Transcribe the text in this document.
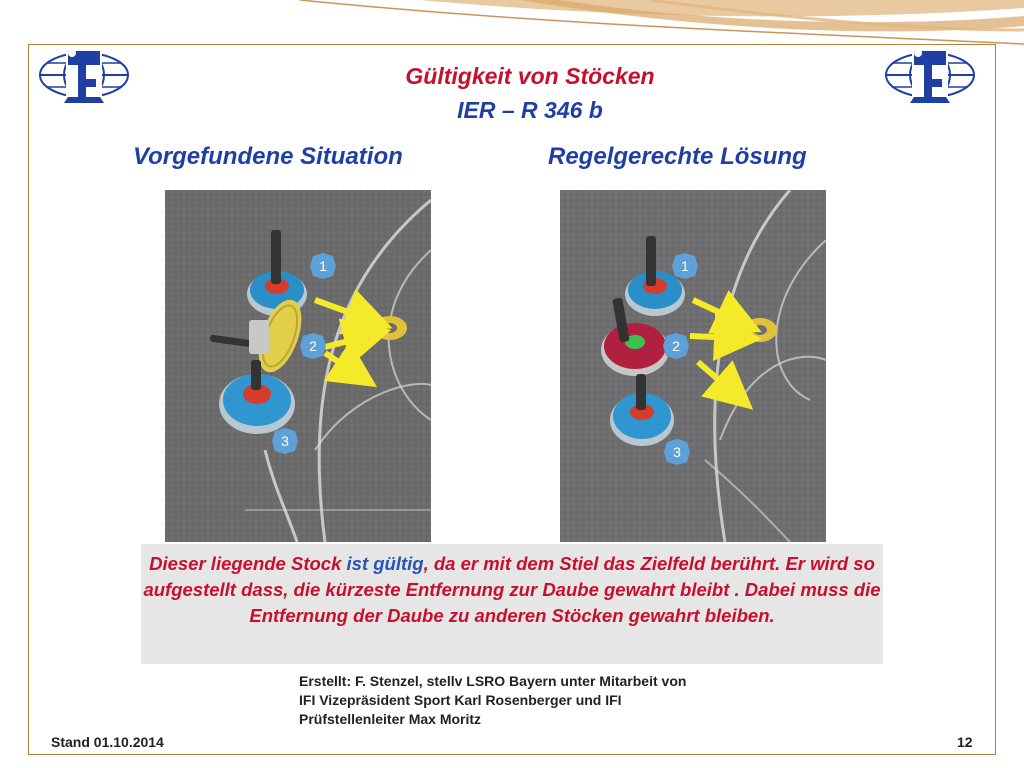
Gültigkeit von Stöcken
IER – R 346 b
Vorgefundene Situation	Regelgerechte Lösung
1
2
3
1
2
3
Dieser liegende Stock ist gültig, da er mit dem Stiel das Zielfeld berührt. Er wird so aufgestellt dass, die kürzeste Entfernung zur Daube gewahrt bleibt . Dabei muss die Entfernung der Daube zu anderen Stöcken gewahrt bleiben.
Erstellt: F. Stenzel, stellv LSRO Bayern unter Mitarbeit von IFI Vizepräsident Sport Karl Rosenberger und IFI Prüfstellenleiter Max Moritz
Stand 01.10.2014	12
